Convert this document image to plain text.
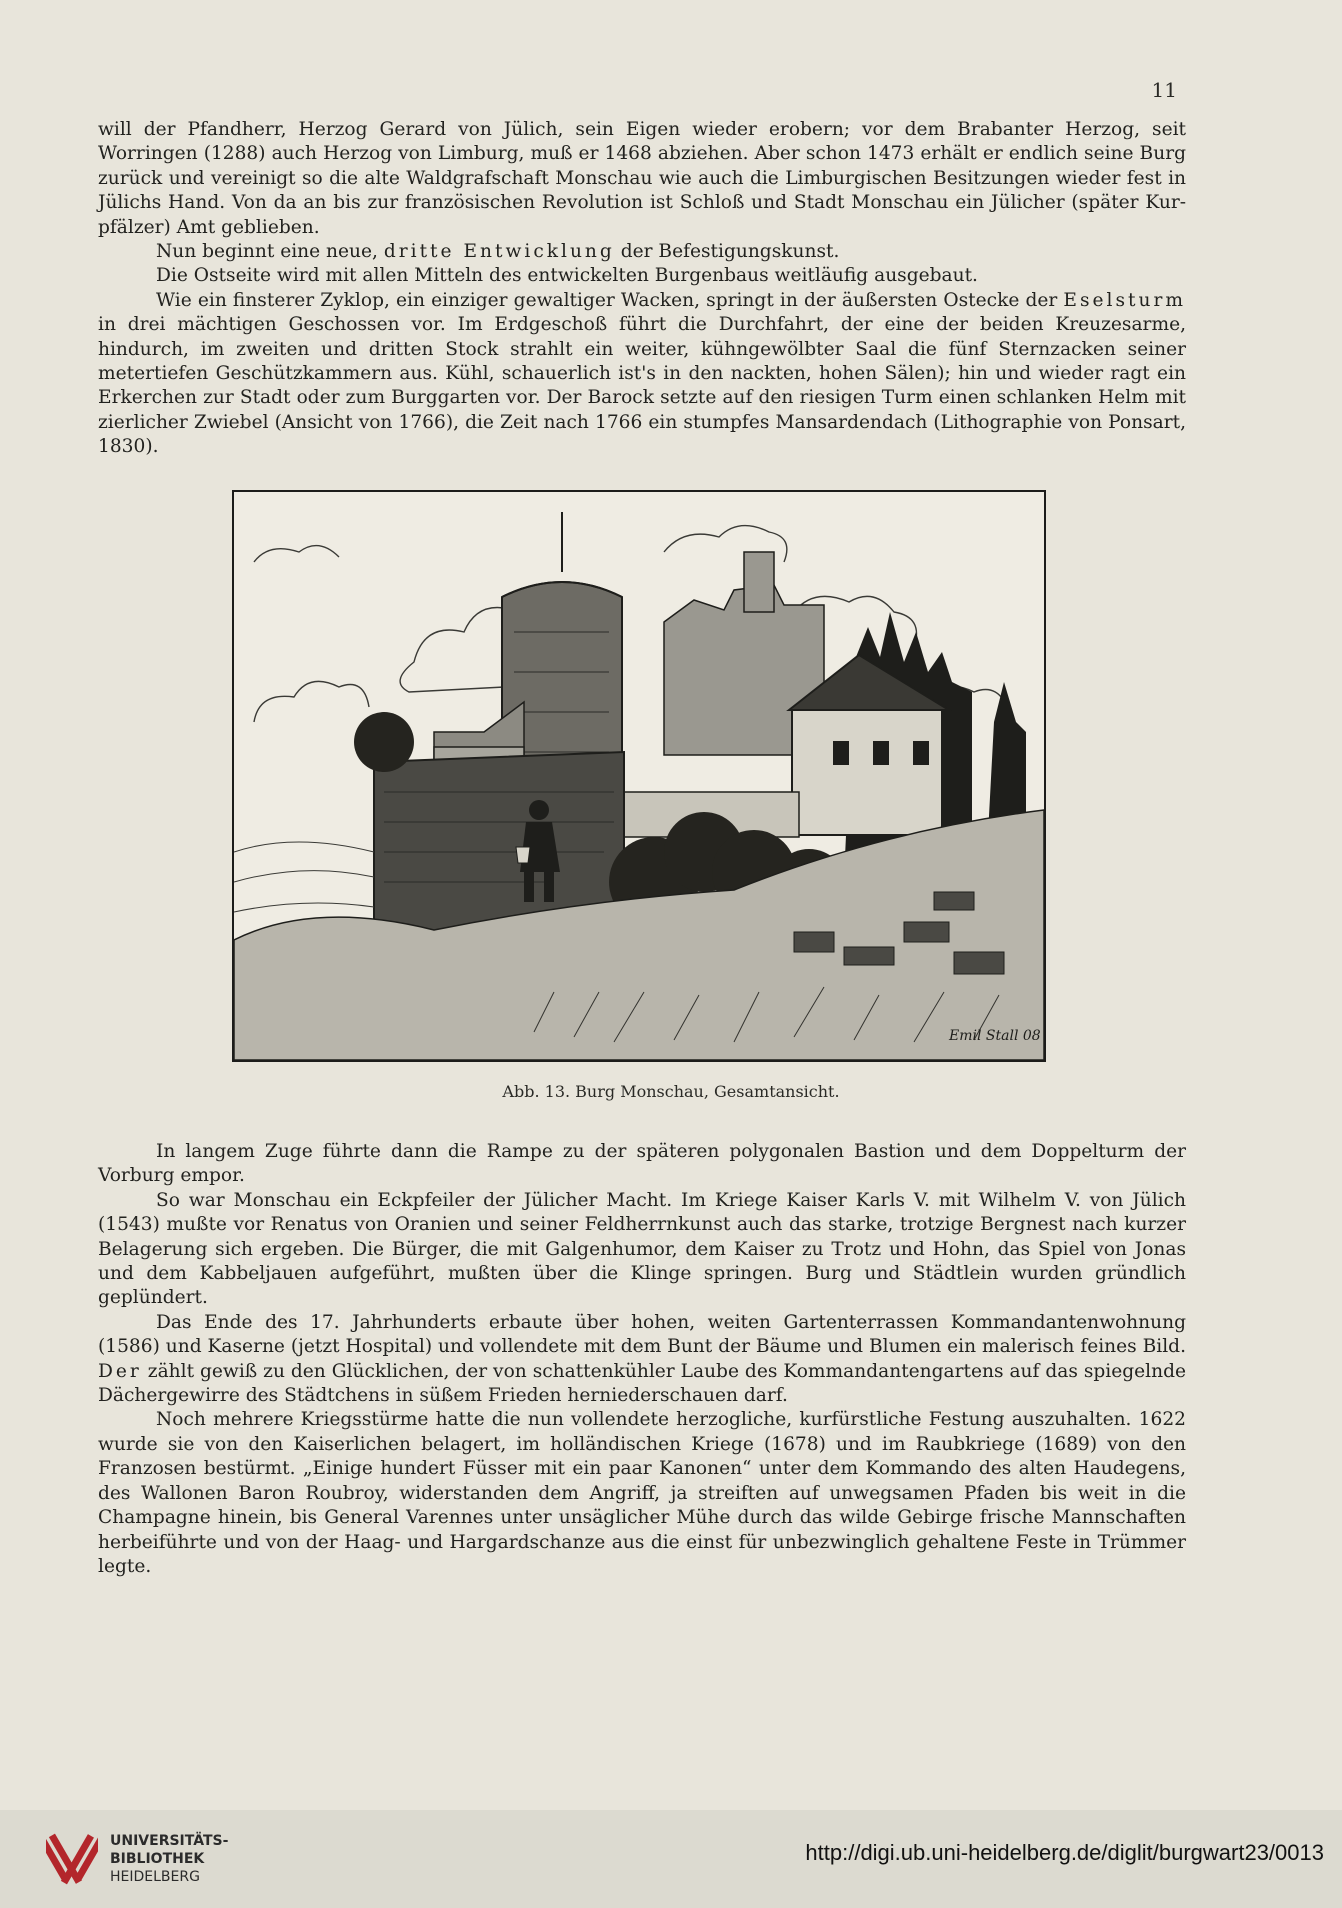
11

will der Pfandherr, Herzog Gerard von Jülich, sein Eigen wieder erobern; vor dem Brabanter Herzog, seit Worringen (1288) auch Herzog von Limburg, muß er 1468 abziehen. Aber schon 1473 erhält er endlich seine Burg zurück und vereinigt so die alte Waldgrafschaft Monschau wie auch die Limburgischen Besitzungen wieder fest in Jülichs Hand. Von da an bis zur französischen Revolution ist Schloß und Stadt Monschau ein Jülicher (später Kur-pfälzer) Amt geblieben.

Nun beginnt eine neue, dritte Entwicklung der Befestigungskunst.

Die Ostseite wird mit allen Mitteln des entwickelten Burgenbaus weitläufig ausgebaut.

Wie ein finsterer Zyklop, ein einziger gewaltiger Wacken, springt in der äußersten Ostecke der Eselsturm in drei mächtigen Geschossen vor. Im Erdgeschoß führt die Durchfahrt, der eine der beiden Kreuzesarme, hindurch, im zweiten und dritten Stock strahlt ein weiter, kühngewölbter Saal die fünf Sternzacken seiner metertiefen Geschützkammern aus. Kühl, schauerlich ist's in den nackten, hohen Sälen); hin und wieder ragt ein Erkerchen zur Stadt oder zum Burggarten vor. Der Barock setzte auf den riesigen Turm einen schlanken Helm mit zierlicher Zwiebel (Ansicht von 1766), die Zeit nach 1766 ein stumpfes Mansardendach (Lithographie von Ponsart, 1830).

Emil Stall 08
Abb. 13. Burg Monschau, Gesamtansicht.

In langem Zuge führte dann die Rampe zu der späteren polygonalen Bastion und dem Doppelturm der Vorburg empor.

So war Monschau ein Eckpfeiler der Jülicher Macht. Im Kriege Kaiser Karls V. mit Wilhelm V. von Jülich (1543) mußte vor Renatus von Oranien und seiner Feldherrnkunst auch das starke, trotzige Bergnest nach kurzer Belagerung sich ergeben. Die Bürger, die mit Galgenhumor, dem Kaiser zu Trotz und Hohn, das Spiel von Jonas und dem Kabbeljauen aufgeführt, mußten über die Klinge springen. Burg und Städtlein wurden gründlich geplündert.

Das Ende des 17. Jahrhunderts erbaute über hohen, weiten Gartenterrassen Kommandantenwohnung (1586) und Kaserne (jetzt Hospital) und vollendete mit dem Bunt der Bäume und Blumen ein malerisch feines Bild. Der zählt gewiß zu den Glücklichen, der von schattenkühler Laube des Kommandantengartens auf das spiegelnde Dächergewirre des Städtchens in süßem Frieden herniederschauen darf.

Noch mehrere Kriegsstürme hatte die nun vollendete herzogliche, kurfürstliche Festung auszuhalten. 1622 wurde sie von den Kaiserlichen belagert, im holländischen Kriege (1678) und im Raubkriege (1689) von den Franzosen bestürmt. „Einige hundert Füsser mit ein paar Kanonen“ unter dem Kommando des alten Haudegens, des Wallonen Baron Roubroy, widerstanden dem Angriff, ja streiften auf unwegsamen Pfaden bis weit in die Champagne hinein, bis General Varennes unter unsäglicher Mühe durch das wilde Gebirge frische Mannschaften herbeiführte und von der Haag- und Hargardschanze aus die einst für unbezwinglich gehaltene Feste in Trümmer legte.

UNIVERSITÄTS-
BIBLIOTHEK
HEIDELBERG
http://digi.ub.uni-heidelberg.de/diglit/burgwart23/0013
